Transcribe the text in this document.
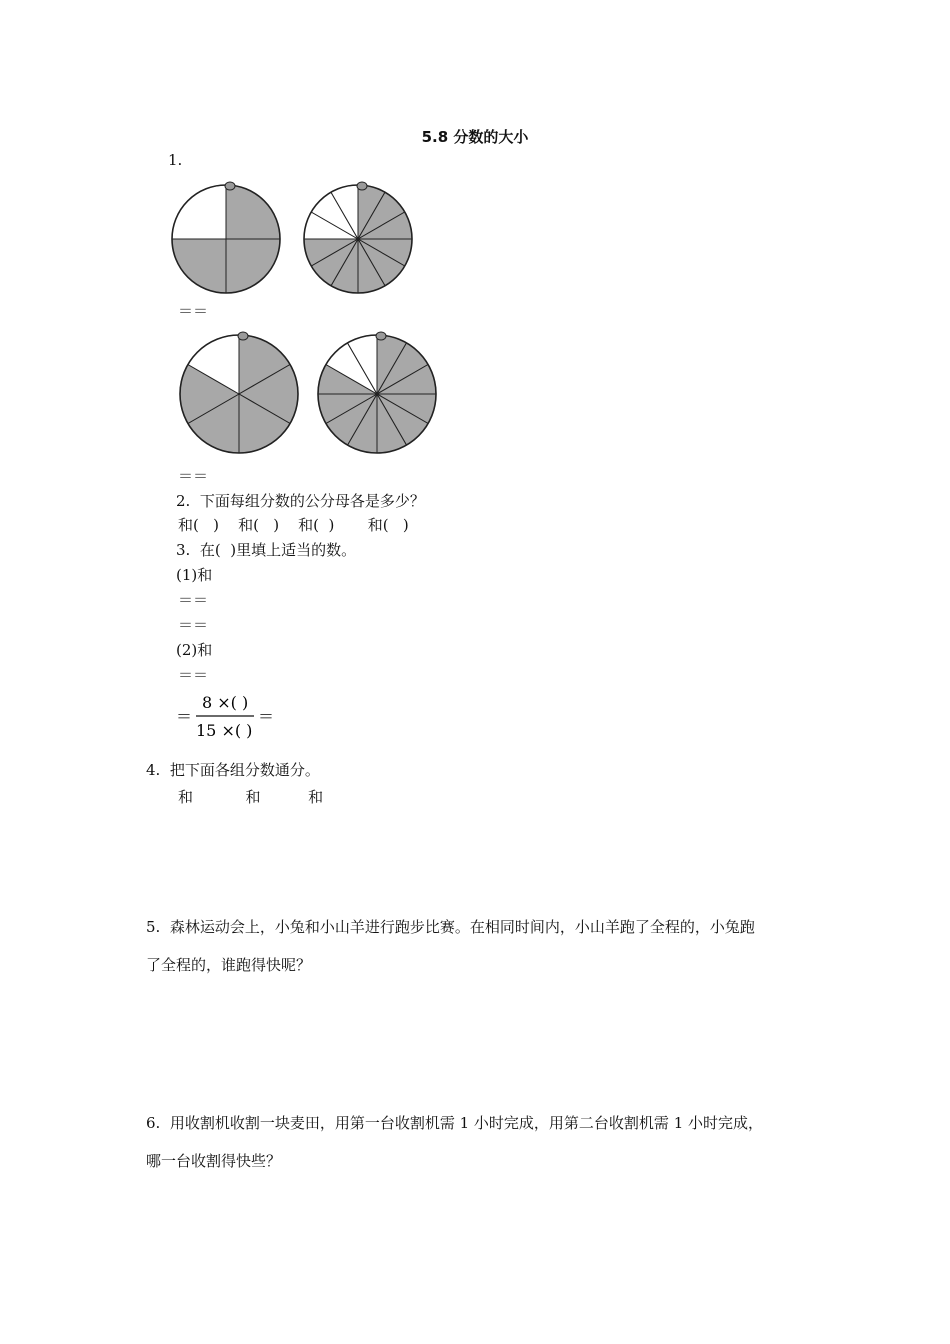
5.8 分数的大小
1.
＝＝
＝＝
2.  下面每组分数的公分母各是多少？
和(   )    和(   )    和(  )       和(   )
3.  在(  )里填上适当的数。
(1)和
＝＝
＝＝
(2)和
＝＝
＝
8 ×( )
15 ×( )
＝
4.  把下面各组分数通分。
和           和          和
5.  森林运动会上，小兔和小山羊进行跑步比赛。在相同时间内，小山羊跑了全程的，小兔跑
了全程的，谁跑得快呢？
6.  用收割机收割一块麦田，用第一台收割机需 1 小时完成，用第二台收割机需 1 小时完成，
哪一台收割得快些？
